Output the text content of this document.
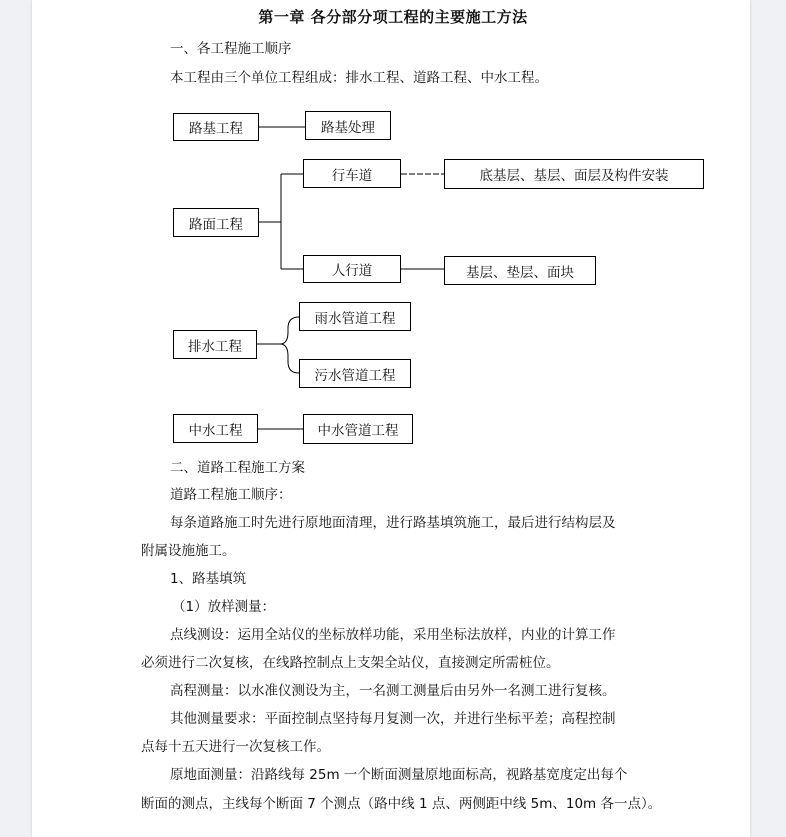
第一章 各分部分项工程的主要施工方法
一、各工程施工顺序
本工程由三个单位工程组成：排水工程、道路工程、中水工程。
路基工程	路基处理
行车道	底基层、基层、面层及构件安装
路面工程
人行道	基层、垫层、面块
雨水管道工程
排水工程
污水管道工程
中水工程	中水管道工程
二、道路工程施工方案
道路工程施工顺序：
每条道路施工时先进行原地面清理，进行路基填筑施工，最后进行结构层及
附属设施施工。
1、路基填筑
（1）放样测量：
点线测设：运用全站仪的坐标放样功能，采用坐标法放样，内业的计算工作
必须进行二次复核，在线路控制点上支架全站仪，直接测定所需桩位。
高程测量：以水准仪测设为主，一名测工测量后由另外一名测工进行复核。
其他测量要求：平面控制点坚持每月复测一次，并进行坐标平差；高程控制
点每十五天进行一次复核工作。
原地面测量：沿路线每 25m 一个断面测量原地面标高，视路基宽度定出每个
断面的测点，主线每个断面 7 个测点（路中线 1 点、两侧距中线 5m、10m 各一点）。
